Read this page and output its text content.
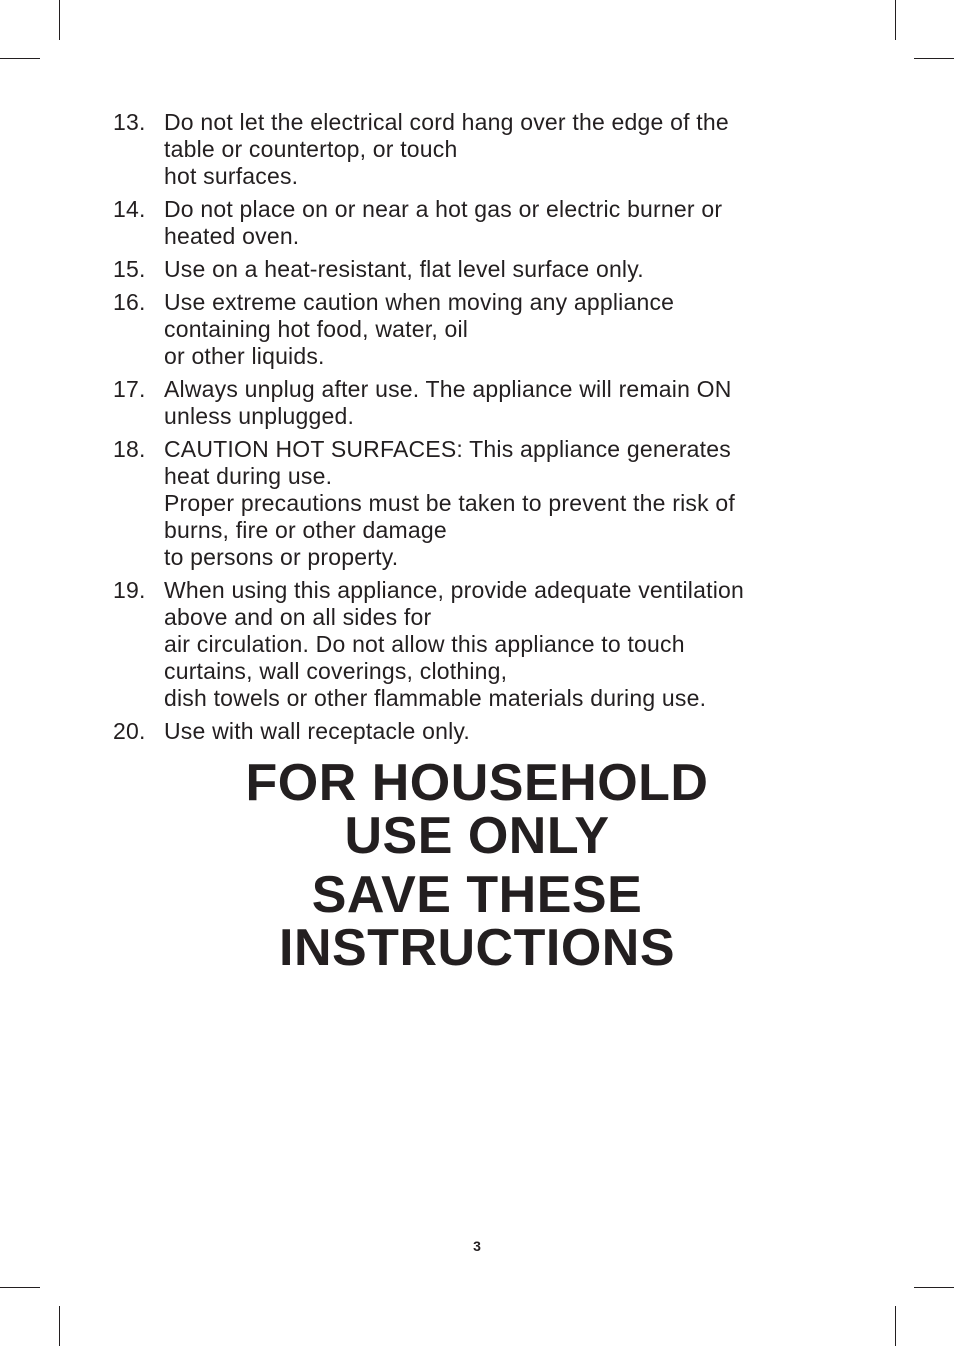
13. Do not let the electrical cord hang over the edge of the
table or countertop, or touch
hot surfaces.
14. Do not place on or near a hot gas or electric burner or
heated oven.
15. Use on a heat-resistant, flat level surface only.
16. Use extreme caution when moving any appliance
containing hot food, water, oil
or other liquids.
17. Always unplug after use. The appliance will remain ON
unless unplugged.
18. CAUTION HOT SURFACES: This appliance generates
heat during use.
Proper precautions must be taken to prevent the risk of
burns, fire or other damage
to persons or property.
19. When using this appliance, provide adequate ventilation
above and on all sides for
air circulation. Do not allow this appliance to touch
curtains, wall coverings, clothing,
dish towels or other flammable materials during use.
20. Use with wall receptacle only.
FOR HOUSEHOLD
USE ONLY
SAVE THESE
INSTRUCTIONS
3
